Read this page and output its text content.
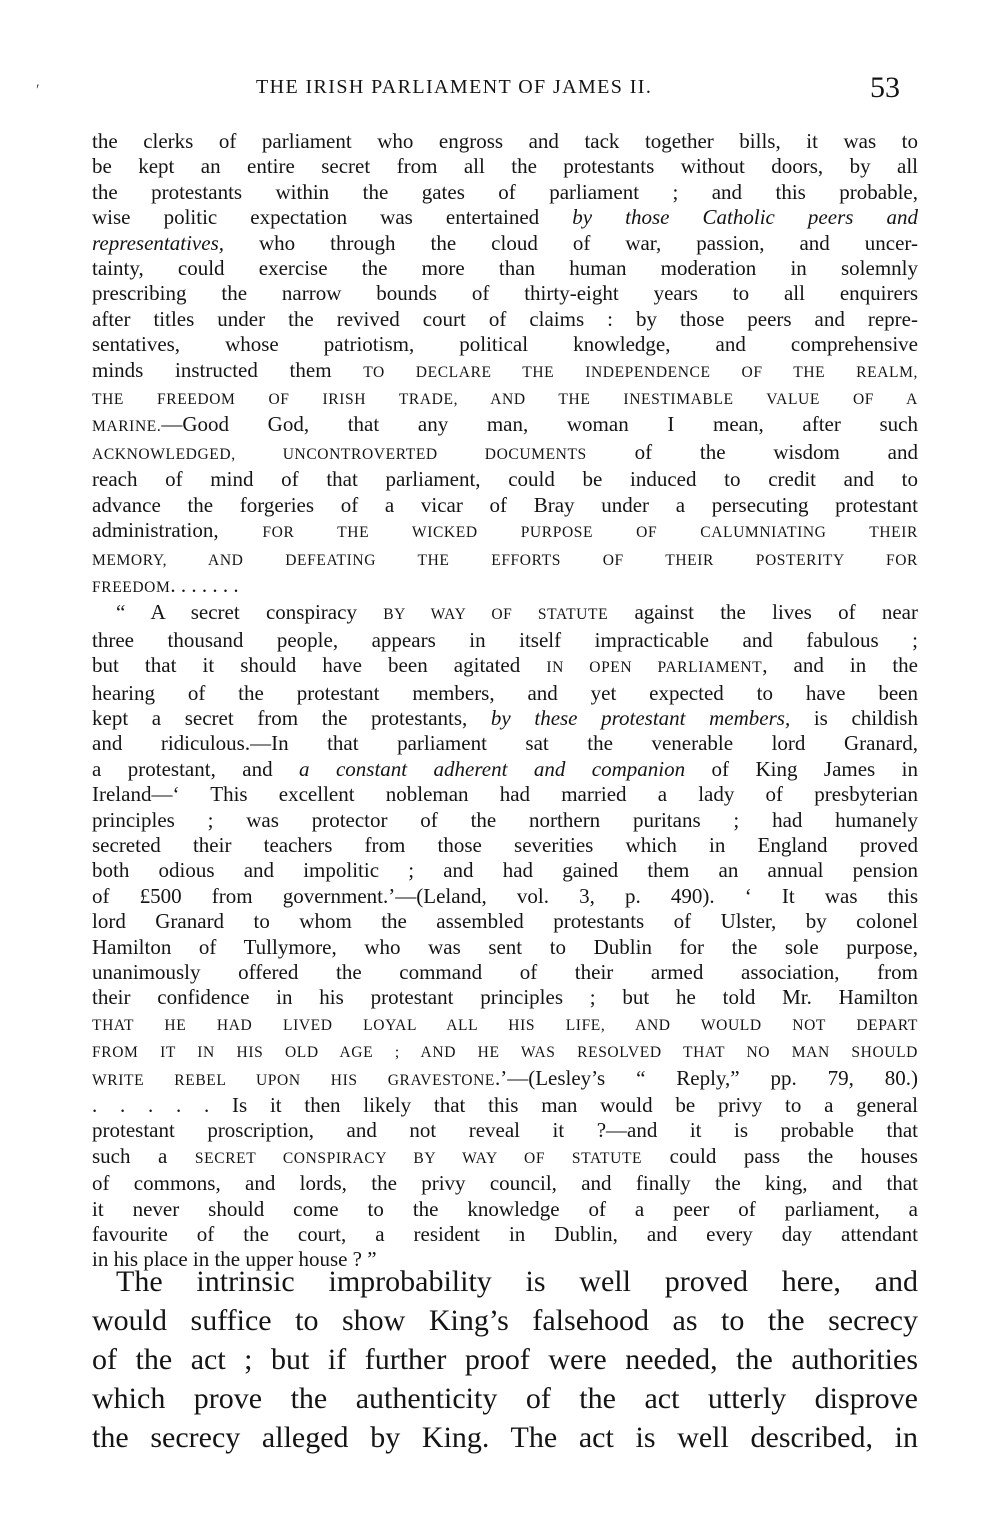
′	THE IRISH PARLIAMENT OF JAMES II.	53
the clerks of parliament who engross and tack together bills, it was to
be kept an entire secret from all the protestants without doors, by all
the protestants within the gates of parliament ; and this probable,
wise politic expectation was entertained by those Catholic peers and
representatives, who through the cloud of war, passion, and uncer-
tainty, could exercise the more than human moderation in solemnly
prescribing the narrow bounds of thirty-eight years to all enquirers
after titles under the revived court of claims : by those peers and repre-
sentatives, whose patriotism, political knowledge, and comprehensive
minds instructed them TO DECLARE THE INDEPENDENCE OF THE REALM,
THE FREEDOM OF IRISH TRADE, AND THE INESTIMABLE VALUE OF A
MARINE.—Good God, that any man, woman I mean, after such
ACKNOWLEDGED, UNCONTROVERTED DOCUMENTS of the wisdom and
reach of mind of that parliament, could be induced to credit and to
advance the forgeries of a vicar of Bray under a persecuting protestant
administration, FOR THE WICKED PURPOSE OF CALUMNIATING THEIR
MEMORY, AND DEFEATING THE EFFORTS OF THEIR POSTERITY FOR
FREEDOM. . . . . . .
“ A secret conspiracy BY WAY OF STATUTE against the lives of near
three thousand people, appears in itself impracticable and fabulous ;
but that it should have been agitated IN OPEN PARLIAMENT, and in the
hearing of the protestant members, and yet expected to have been
kept a secret from the protestants, by these protestant members, is childish
and ridiculous.—In that parliament sat the venerable lord Granard,
a protestant, and a constant adherent and companion of King James in
Ireland—‘ This excellent nobleman had married a lady of presbyterian
principles ; was protector of the northern puritans ; had humanely
secreted their teachers from those severities which in England proved
both odious and impolitic ; and had gained them an annual pension
of £500 from government.’—(Leland, vol. 3, p. 490). ‘ It was this
lord Granard to whom the assembled protestants of Ulster, by colonel
Hamilton of Tullymore, who was sent to Dublin for the sole purpose,
unanimously offered the command of their armed association, from
their confidence in his protestant principles ; but he told Mr. Hamilton
THAT HE HAD LIVED LOYAL ALL HIS LIFE, AND WOULD NOT DEPART
FROM IT IN HIS OLD AGE ; AND HE WAS RESOLVED THAT NO MAN SHOULD
WRITE REBEL UPON HIS GRAVESTONE.’—(Lesley’s “ Reply,” pp. 79, 80.)
. . . . . Is it then likely that this man would be privy to a general
protestant proscription, and not reveal it ?—and it is probable that
such a SECRET CONSPIRACY BY WAY OF STATUTE could pass the houses
of commons, and lords, the privy council, and finally the king, and that
it never should come to the knowledge of a peer of parliament, a
favourite of the court, a resident in Dublin, and every day attendant
in his place in the upper house ? ”
The intrinsic improbability is well proved here, and
would suffice to show King’s falsehood as to the secrecy
of the act ; but if further proof were needed, the authorities
which prove the authenticity of the act utterly disprove
the secrecy alleged by King. The act is well described, in
